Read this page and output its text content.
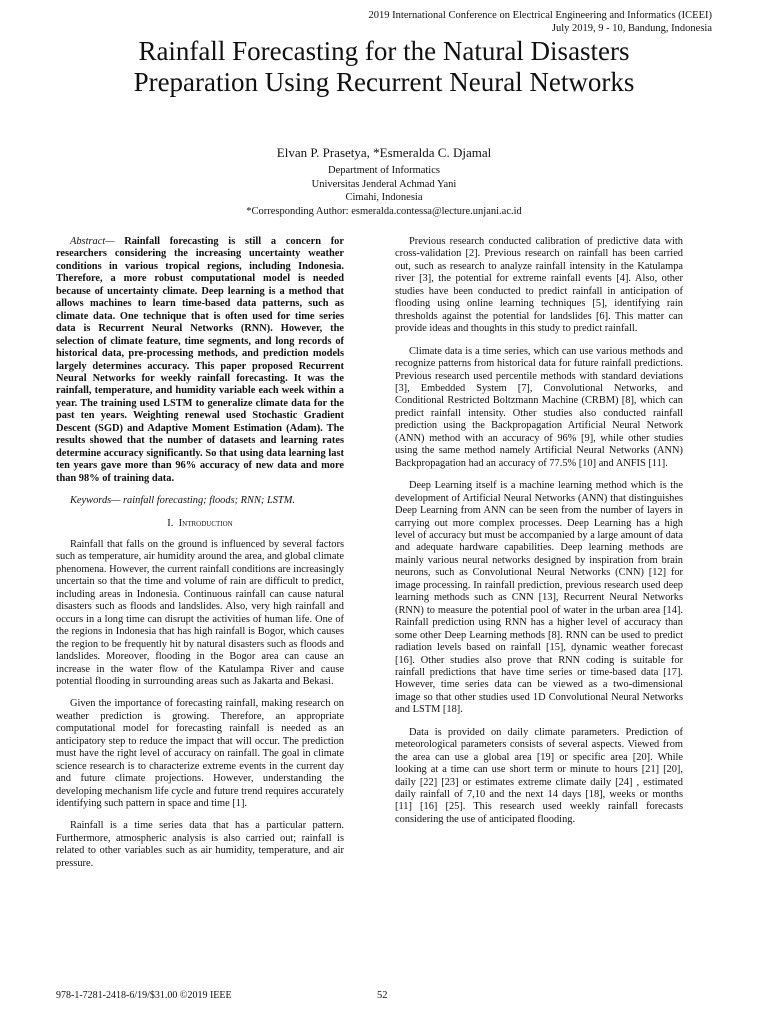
2019 International Conference on Electrical Engineering and Informatics (ICEEI)
July 2019, 9 - 10, Bandung, Indonesia
Rainfall Forecasting for the Natural Disasters
Preparation Using Recurrent Neural Networks
Elvan P. Prasetya, *Esmeralda C. Djamal
Department of Informatics
Universitas Jenderal Achmad Yani
Cimahi, Indonesia
*Corresponding Author: esmeralda.contessa@lecture.unjani.ac.id

Abstract— Rainfall forecasting is still a concern for researchers considering the increasing uncertainty weather conditions in various tropical regions, including Indonesia. Therefore, a more robust computational model is needed because of uncertainty climate. Deep learning is a method that allows machines to learn time-based data patterns, such as climate data. One technique that is often used for time series data is Recurrent Neural Networks (RNN). However, the selection of climate feature, time segments, and long records of historical data, pre-processing methods, and prediction models largely determines accuracy. This paper proposed Recurrent Neural Networks for weekly rainfall forecasting. It was the rainfall, temperature, and humidity variable each week within a year. The training used LSTM to generalize climate data for the past ten years. Weighting renewal used Stochastic Gradient Descent (SGD) and Adaptive Moment Estimation (Adam). The results showed that the number of datasets and learning rates determine accuracy significantly. So that using data learning last ten years gave more than 96% accuracy of new data and more than 98% of training data.

Keywords— rainfall forecasting; floods; RNN; LSTM.

I. Introduction

Rainfall that falls on the ground is influenced by several factors such as temperature, air humidity around the area, and global climate phenomena. However, the current rainfall conditions are increasingly uncertain so that the time and volume of rain are difficult to predict, including areas in Indonesia. Continuous rainfall can cause natural disasters such as floods and landslides. Also, very high rainfall and occurs in a long time can disrupt the activities of human life. One of the regions in Indonesia that has high rainfall is Bogor, which causes the region to be frequently hit by natural disasters such as floods and landslides. Moreover, flooding in the Bogor area can cause an increase in the water flow of the Katulampa River and cause potential flooding in surrounding areas such as Jakarta and Bekasi.

Given the importance of forecasting rainfall, making research on weather prediction is growing. Therefore, an appropriate computational model for forecasting rainfall is needed as an anticipatory step to reduce the impact that will occur. The prediction must have the right level of accuracy on rainfall. The goal in climate science research is to characterize extreme events in the current day and future climate projections. However, understanding the developing mechanism life cycle and future trend requires accurately identifying such pattern in space and time [1].

Rainfall is a time series data that has a particular pattern. Furthermore, atmospheric analysis is also carried out; rainfall is related to other variables such as air humidity, temperature, and air pressure.

Previous research conducted calibration of predictive data with cross-validation [2]. Previous research on rainfall has been carried out, such as research to analyze rainfall intensity in the Katulampa river [3], the potential for extreme rainfall events [4]. Also, other studies have been conducted to predict rainfall in anticipation of flooding using online learning techniques [5], identifying rain thresholds against the potential for landslides [6]. This matter can provide ideas and thoughts in this study to predict rainfall.

Climate data is a time series, which can use various methods and recognize patterns from historical data for future rainfall predictions. Previous research used percentile methods with standard deviations [3], Embedded System [7], Convolutional Networks, and Conditional Restricted Boltzmann Machine (CRBM) [8], which can predict rainfall intensity. Other studies also conducted rainfall prediction using the Backpropagation Artificial Neural Network (ANN) method with an accuracy of 96% [9], while other studies using the same method namely Artificial Neural Networks (ANN) Backpropagation had an accuracy of 77.5% [10] and ANFIS [11].

Deep Learning itself is a machine learning method which is the development of Artificial Neural Networks (ANN) that distinguishes Deep Learning from ANN can be seen from the number of layers in carrying out more complex processes. Deep Learning has a high level of accuracy but must be accompanied by a large amount of data and adequate hardware capabilities. Deep learning methods are mainly various neural networks designed by inspiration from brain neurons, such as Convolutional Neural Networks (CNN) [12] for image processing. In rainfall prediction, previous research used deep learning methods such as CNN [13], Recurrent Neural Networks (RNN) to measure the potential pool of water in the urban area [14]. Rainfall prediction using RNN has a higher level of accuracy than some other Deep Learning methods [8]. RNN can be used to predict radiation levels based on rainfall [15], dynamic weather forecast [16]. Other studies also prove that RNN coding is suitable for rainfall predictions that have time series or time-based data [17]. However, time series data can be viewed as a two-dimensional image so that other studies used 1D Convolutional Neural Networks and LSTM [18].

Data is provided on daily climate parameters. Prediction of meteorological parameters consists of several aspects. Viewed from the area can use a global area [19] or specific area [20]. While looking at a time can use short term or minute to hours [21] [20], daily [22] [23] or estimates extreme climate daily [24] , estimated daily rainfall of 7,10 and the next 14 days [18], weeks or months [11] [16] [25]. This research used weekly rainfall forecasts considering the use of anticipated flooding.

978-1-7281-2418-6/19/$31.00 ©2019 IEEE	52
